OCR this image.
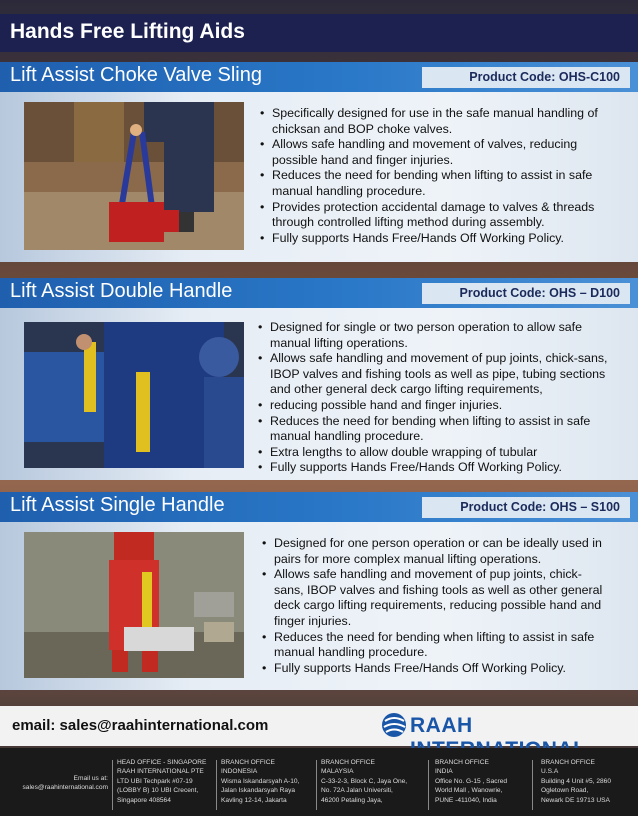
Hands Free Lifting Aids
Lift Assist Choke Valve Sling	Product Code: OHS-C100
• Specifically designed for use in the safe manual handling of chicksan and BOP choke valves.
• Allows safe handling and movement of valves, reducing possible hand and finger injuries.
• Reduces the need for bending when lifting to assist in safe manual handling procedure.
• Provides protection accidental damage to valves & threads through controlled lifting method during assembly.
• Fully supports Hands Free/Hands Off Working Policy.
Lift Assist Double Handle	Product Code: OHS – D100
• Designed for single or two person operation to allow safe manual lifting operations.
• Allows safe handling and movement of pup joints, chick-sans, IBOP valves and fishing tools as well as pipe, tubing sections and other general deck cargo lifting requirements,
• reducing possible hand and finger injuries.
• Reduces the need for bending when lifting to assist in safe manual handling procedure.
• Extra lengths to allow double wrapping of tubular
• Fully supports Hands Free/Hands Off Working Policy.
Lift Assist Single Handle	Product Code: OHS – S100
• Designed for one person operation or can be ideally used in pairs for more complex manual lifting operations.
• Allows safe handling and movement of pup joints, chick-sans, IBOP valves and fishing tools as well as other general deck cargo lifting requirements, reducing possible hand and finger injuries.
• Reduces the need for bending when lifting to assist in safe manual handling procedure.
• Fully supports Hands Free/Hands Off Working Policy.
email: sales@raahinternational.com	RAAH
Email us at:
sales@raahinternational.com
HEAD OFFICE - SINGAPORE
RAAH INTERNATIONAL PTE
LTD UBI Techpark #07-19
(LOBBY B) 10 UBI Crecent,
Singapore 408564
BRANCH OFFICE
INDONESIA
Wisma Iskandarsyah A-10,
Jalan Iskandarsyah Raya
Kavling 12-14, Jakarta
BRANCH OFFICE
MALAYSIA
C-33-2-3, Block C, Jaya One,
No. 72A Jalan Universiti,
46200 Petaling Jaya,
BRANCH OFFICE
INDIA
Office No. G-15 , Sacred
World Mall , Wanowrie,
PUNE -411040, India
BRANCH OFFICE
U.S.A
Building 4 Unit #5, 2860
Ogletown Road,
Newark DE 19713 USA
